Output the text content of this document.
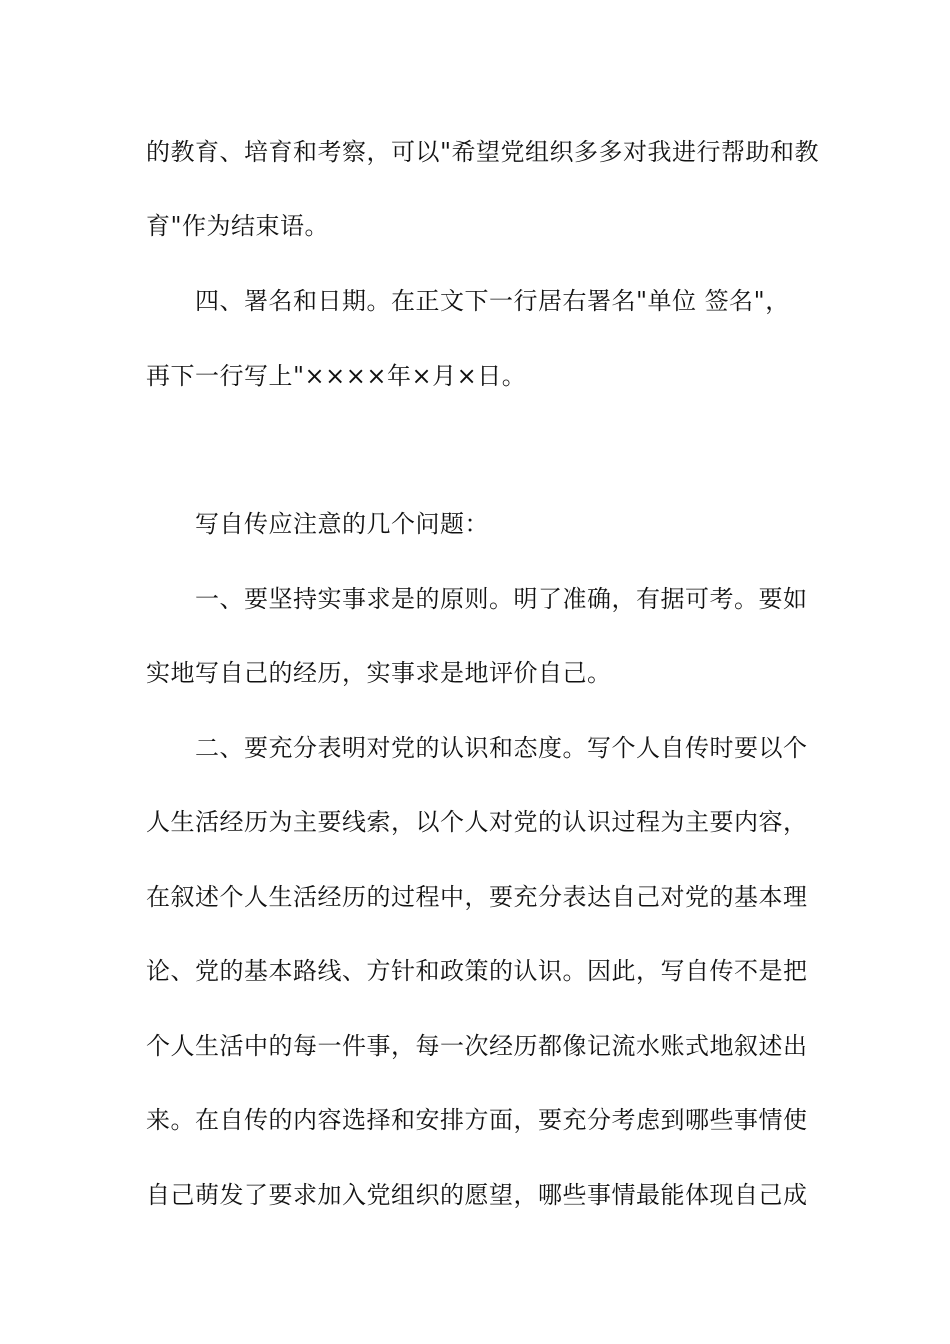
的教育、培育和考察，可以"希望党组织多多对我进行帮助和教
育"作为结束语。
　　四、署名和日期。在正文下一行居右署名"单位 签名"，
再下一行写上"××××年×月×日。
　　写自传应注意的几个问题：
　　一、要坚持实事求是的原则。明了准确，有据可考。要如
实地写自己的经历，实事求是地评价自己。
　　二、要充分表明对党的认识和态度。写个人自传时要以个
人生活经历为主要线索，以个人对党的认识过程为主要内容，
在叙述个人生活经历的过程中，要充分表达自己对党的基本理
论、党的基本路线、方针和政策的认识。因此，写自传不是把
个人生活中的每一件事，每一次经历都像记流水账式地叙述出
来。在自传的内容选择和安排方面，要充分考虑到哪些事情使
自己萌发了要求加入党组织的愿望，哪些事情最能体现自己成
